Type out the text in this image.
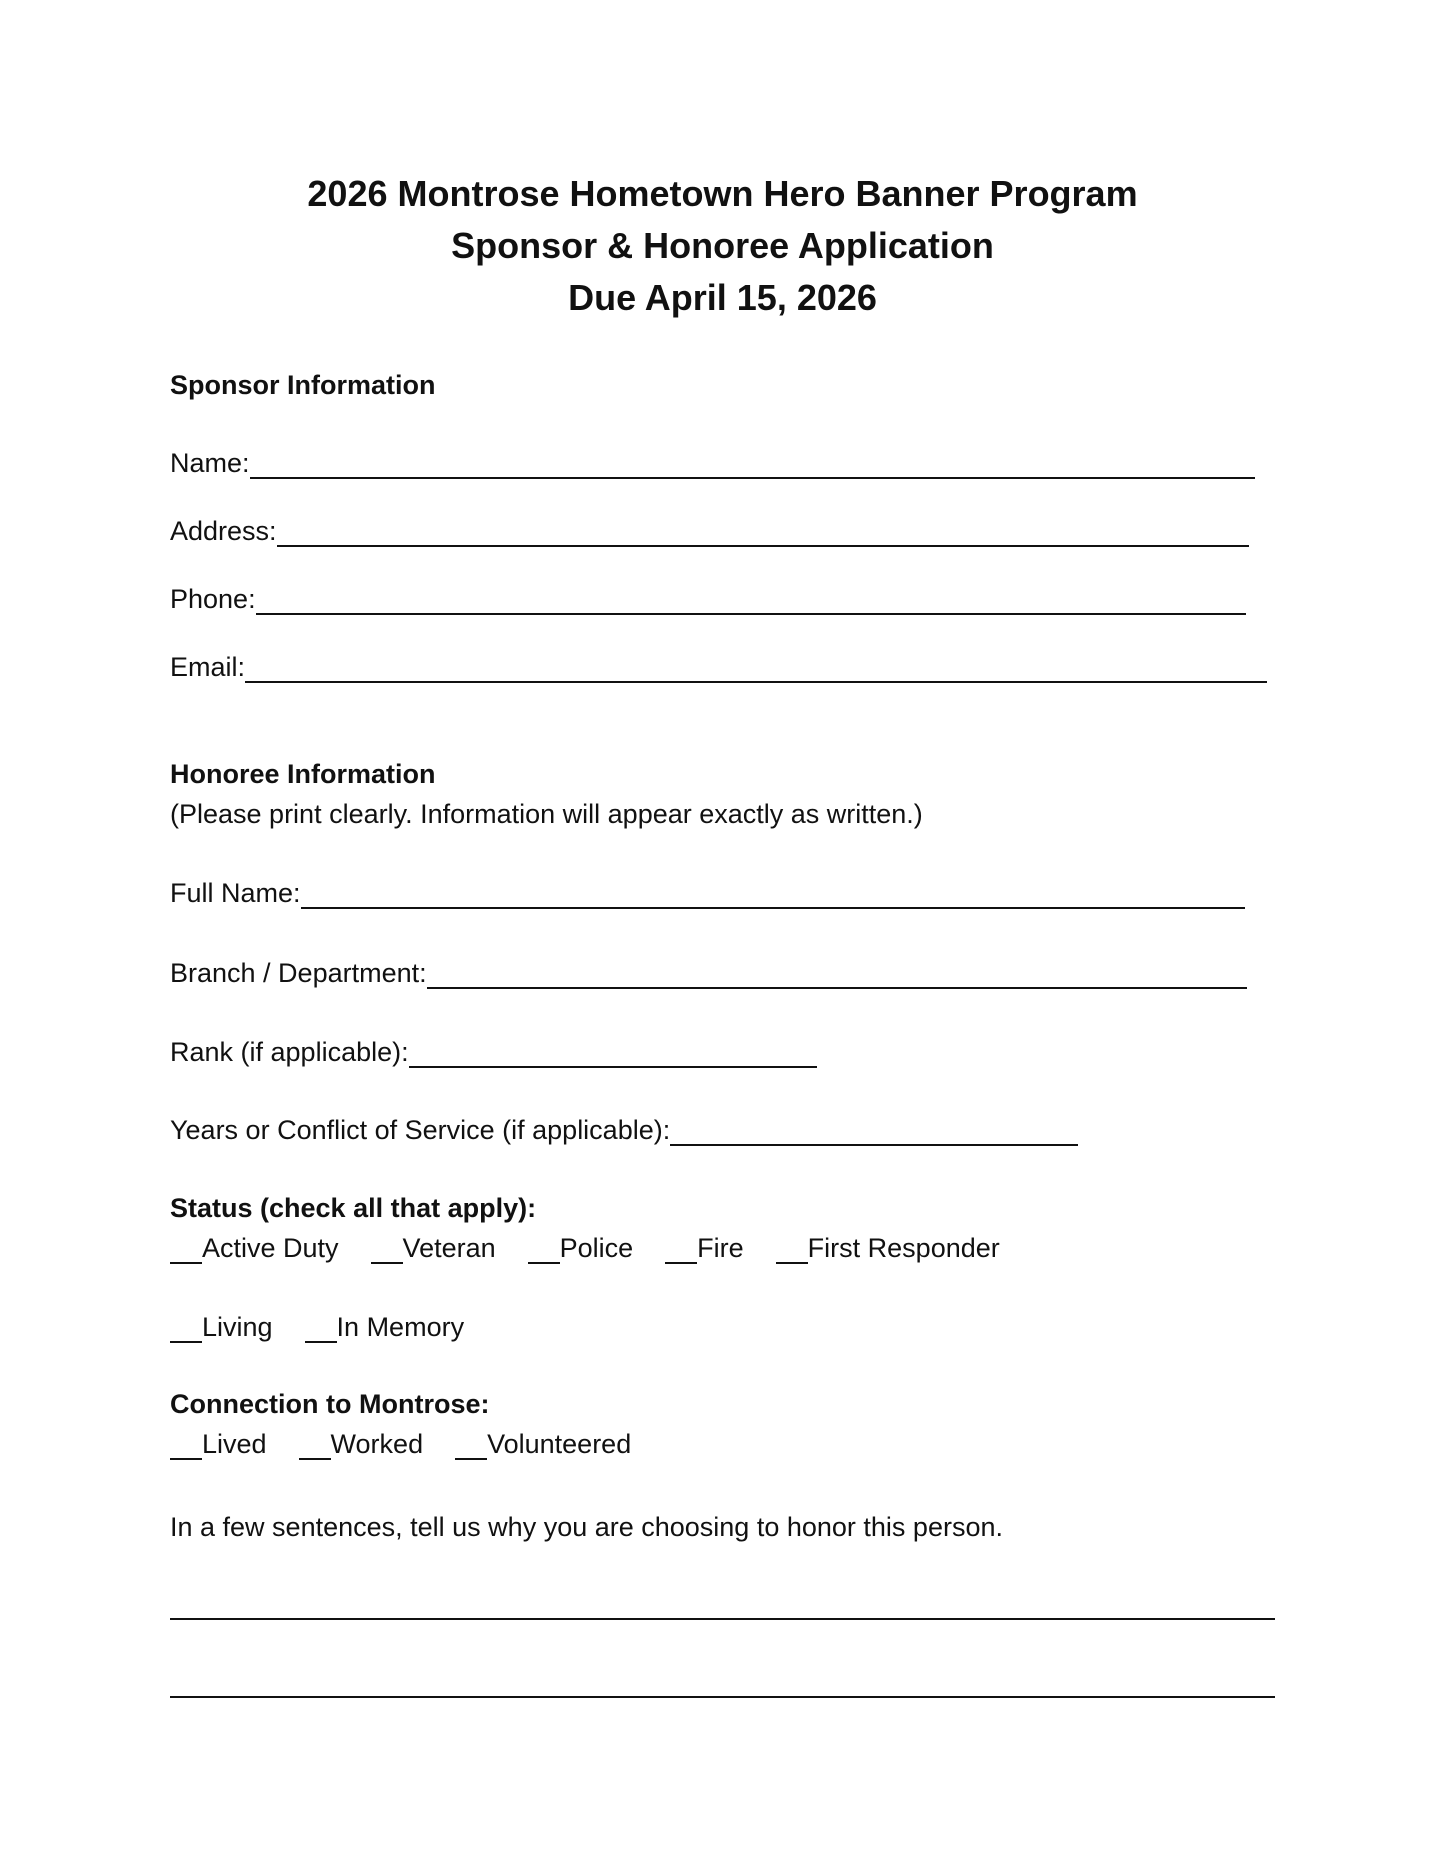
2026 Montrose Hometown Hero Banner Program
Sponsor & Honoree Application
Due April 15, 2026

Sponsor Information

Name:
Address:
Phone:
Email:

Honoree Information

(Please print clearly. Information will appear exactly as written.)

Full Name:
Branch / Department:
Rank (if applicable):
Years or Conflict of Service (if applicable):

Status (check all that apply):

Active Duty Veteran Police Fire First Responder
Living In Memory

Connection to Montrose:

Lived Worked Volunteered

In a few sentences, tell us why you are choosing to honor this person.
